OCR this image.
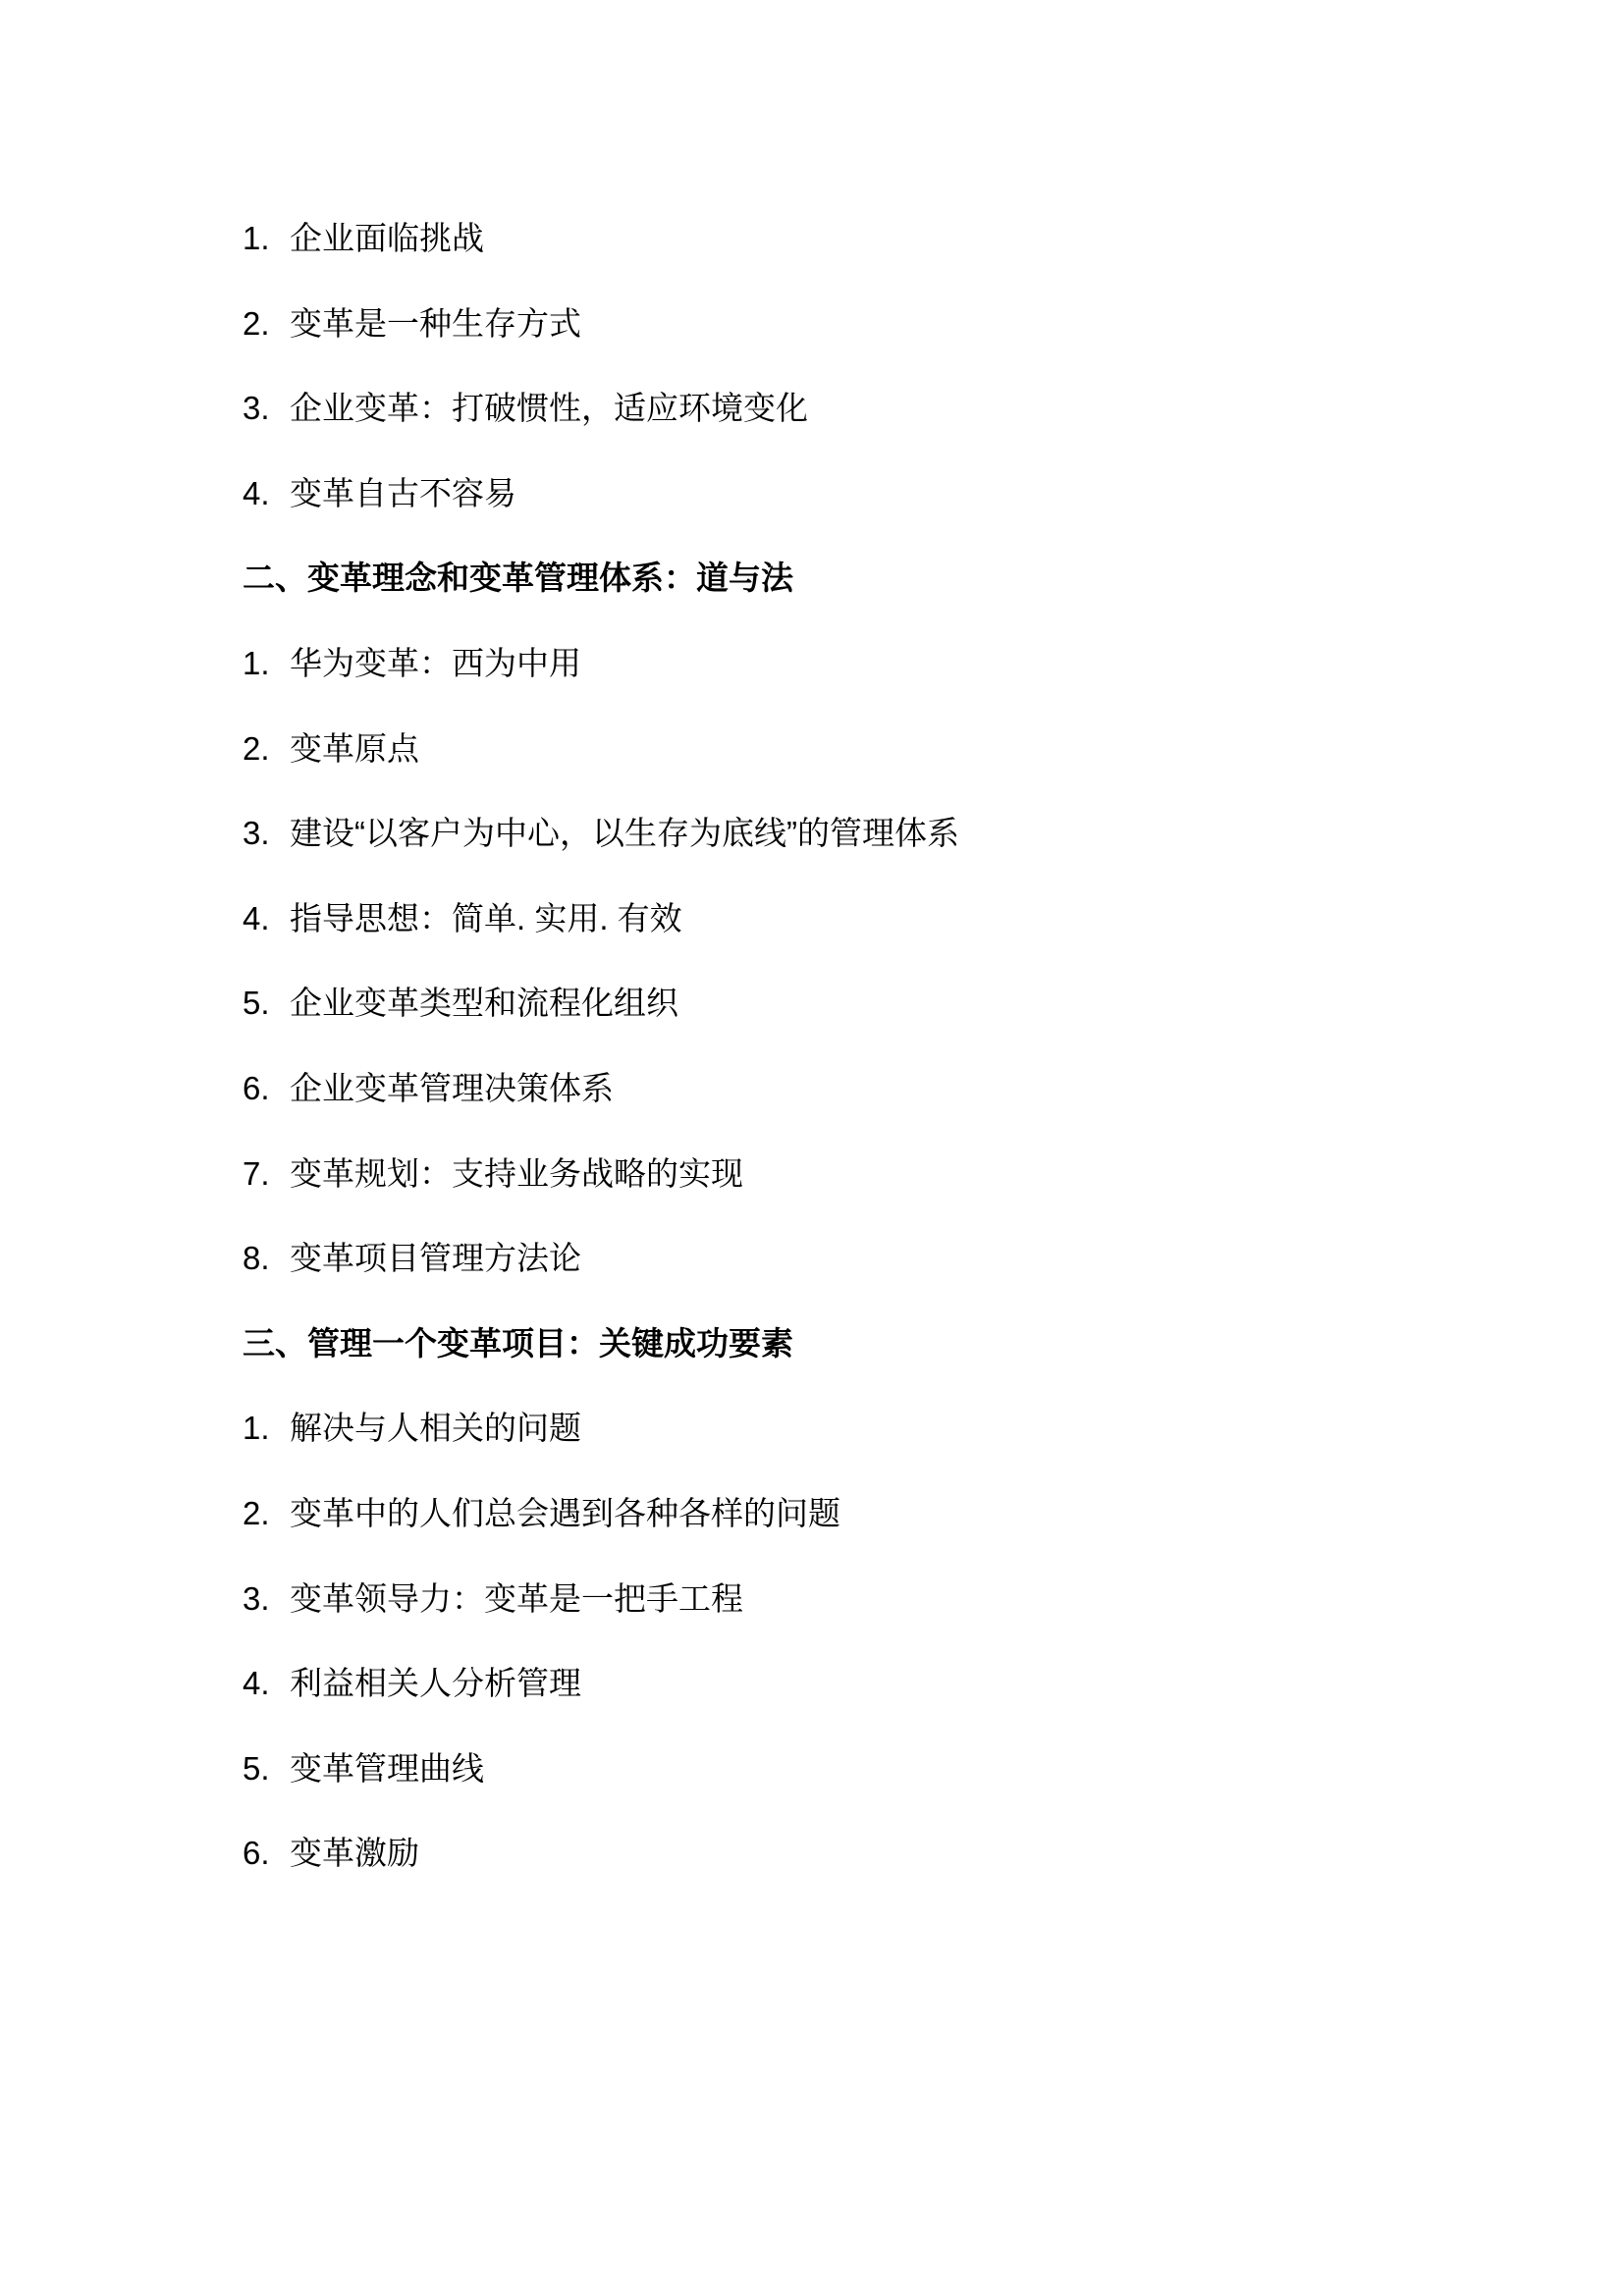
1. 企业面临挑战
2. 变革是一种生存方式
3. 企业变革：打破惯性，适应环境变化
4. 变革自古不容易
二、变革理念和变革管理体系：道与法
1. 华为变革：西为中用
2. 变革原点
3. 建设“以客户为中心，以生存为底线”的管理体系
4. 指导思想：简单. 实用. 有效
5. 企业变革类型和流程化组织
6. 企业变革管理决策体系
7. 变革规划：支持业务战略的实现
8. 变革项目管理方法论
三、管理一个变革项目：关键成功要素
1. 解决与人相关的问题
2. 变革中的人们总会遇到各种各样的问题
3. 变革领导力：变革是一把手工程
4. 利益相关人分析管理
5. 变革管理曲线
6. 变革激励
